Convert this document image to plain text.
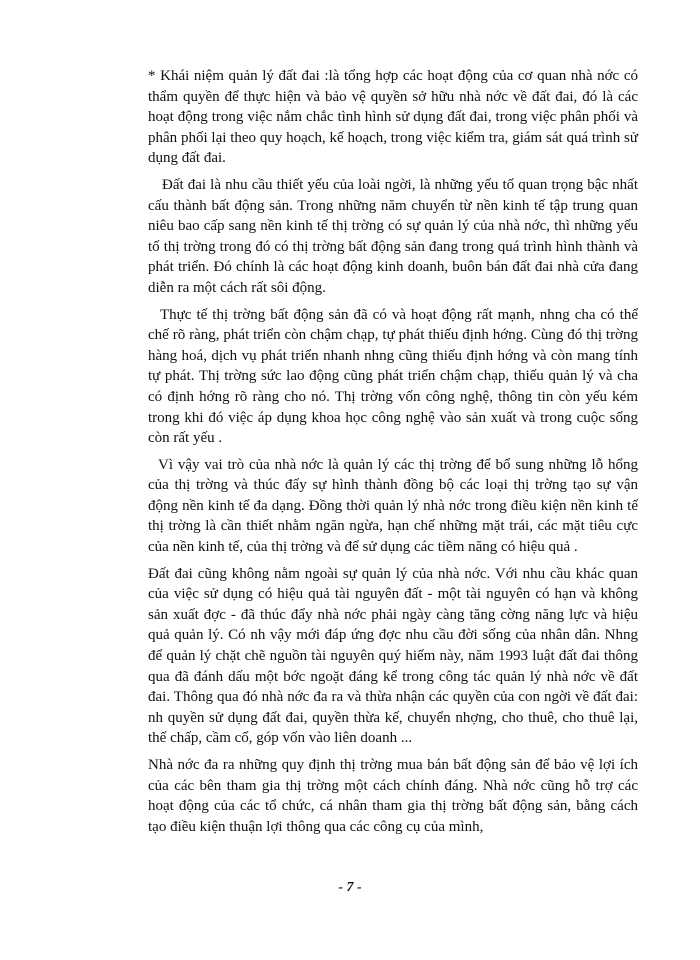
* Khái niệm quản lý đất đai :là tổng hợp các hoạt động của cơ quan nhà nớc có thẩm quyền để thực hiện và bảo vệ quyền sở hữu nhà nớc về đất đai, đó là các hoạt động trong việc nắm chắc tình hình sử dụng đất đai, trong việc phân phối và phân phối lại theo quy hoạch, kế hoạch, trong việc kiểm tra, giám sát quá trình sử dụng đất đai.

Đất đai là nhu cầu thiết yếu của loài ngời, là những yếu tố quan trọng bậc nhất cấu thành bất động sản. Trong những năm chuyển từ nền kinh tế tập trung quan niêu bao cấp sang nền kinh tế thị trờng có sự quản lý của nhà nớc, thì những yếu tố thị trờng trong đó có thị trờng bất động sản đang trong quá trình hình thành và phát triển. Đó chính là các hoạt động kinh doanh, buôn bán đất đai nhà cửa đang diễn ra một cách rất sôi động.

Thực tế thị trờng bất động sản đã có và hoạt động rất mạnh, nhng cha có thể chế rõ ràng, phát triển còn chậm chạp, tự phát thiếu định hớng. Cùng đó thị trờng hàng hoá, dịch vụ phát triển nhanh nhng cũng thiếu định hớng và còn mang tính tự phát. Thị trờng sức lao động cũng phát triển chậm chạp, thiếu quản lý và cha có định hớng rõ ràng cho nó. Thị trờng vốn công nghệ, thông tin còn yếu kém trong khi đó việc áp dụng khoa học công nghệ vào sản xuất và trong cuộc sống còn rất yếu .

Vì vậy vai trò của nhà nớc là quản lý các thị trờng để bổ sung những lỗ hổng của thị trờng và thúc đẩy sự hình thành đồng bộ các loại thị trờng tạo sự vận động nền kinh tế đa dạng. Đồng thời quản lý nhà nớc trong điều kiện nền kinh tế thị trờng là cần thiết nhằm ngăn ngừa, hạn chế những mặt trái, các mặt tiêu cực của nền kinh tế, của thị trờng và để sử dụng các tiềm năng có hiệu quả .

Đất đai cũng không nằm ngoài sự quản lý của nhà nớc. Với nhu cầu khác quan của việc sử dụng có hiệu quả tài nguyên đất - một tài nguyên có hạn và không sản xuất đợc - đã thúc đẩy nhà nớc phải ngày càng tăng cờng năng lực và hiệu quả quản lý. Có nh vậy mới đáp ứng đợc nhu cầu đời sống của nhân dân. Nhng để quản lý chặt chẽ nguồn tài nguyên quý hiếm này, năm 1993 luật đất đai thông qua đã đánh dấu một bớc ngoặt đáng kể trong công tác quản lý nhà nớc về đất đai. Thông qua đó nhà nớc đa ra và thừa nhận các quyền của con ngời về đất đai: nh quyền sử dụng đất đai, quyền thừa kế, chuyển nhợng, cho thuê, cho thuê lại, thế chấp, cầm cố, góp vốn vào liên doanh ...

Nhà nớc đa ra những quy định thị trờng mua bán bất động sản để bảo vệ lợi ích của các bên tham gia thị trờng một cách chính đáng. Nhà nớc cũng hỗ trợ các hoạt động của các tổ chức, cá nhân tham gia thị trờng bất động sản, bằng cách tạo điều kiện thuận lợi thông qua các công cụ của mình,

- 7 -
